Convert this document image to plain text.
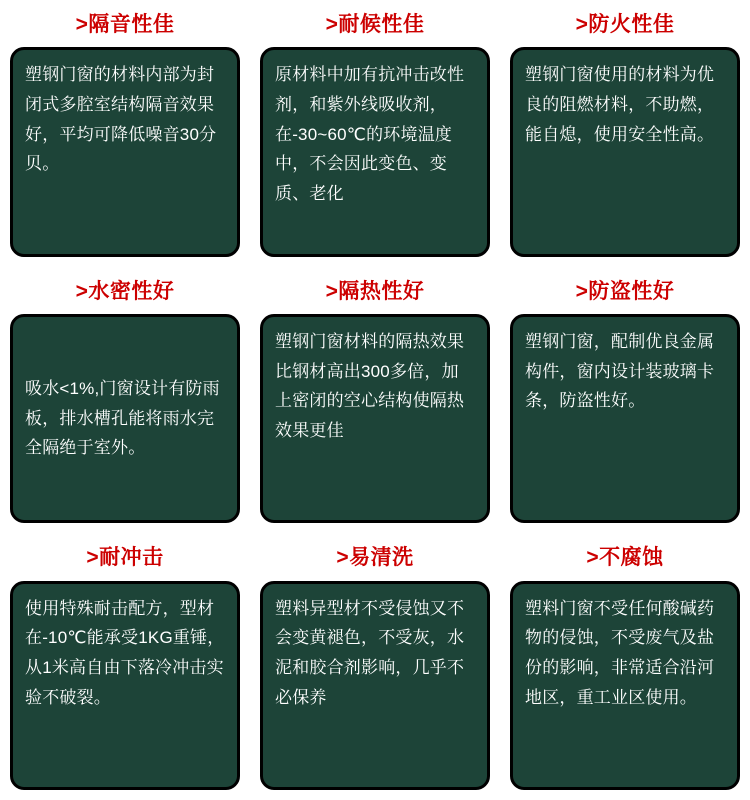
>隔音性佳

塑钢门窗的材料内部为封闭式多腔室结构隔音效果好，平均可降低噪音30分贝。

>耐候性佳

原材料中加有抗冲击改性剂，和紫外线吸收剂，在-30~60℃的环境温度中，不会因此变色、变质、老化

>防火性佳

塑钢门窗使用的材料为优良的阻燃材料，不助燃，能自熄，使用安全性高。

>水密性好

吸水<1%,门窗设计有防雨板，排水槽孔能将雨水完全隔绝于室外。

>隔热性好

塑钢门窗材料的隔热效果比钢材高出300多倍，加上密闭的空心结构使隔热效果更佳

>防盗性好

塑钢门窗，配制优良金属构件，窗内设计装玻璃卡条，防盗性好。

>耐冲击

使用特殊耐击配方，型材在-10℃能承受1KG重锤，从1米高自由下落冷冲击实验不破裂。

>易清洗

塑料异型材不受侵蚀又不会变黄褪色，不受灰，水泥和胶合剂影响，几乎不必保养

>不腐蚀

塑料门窗不受任何酸碱药物的侵蚀，不受废气及盐份的影响，非常适合沿河地区，重工业区使用。
